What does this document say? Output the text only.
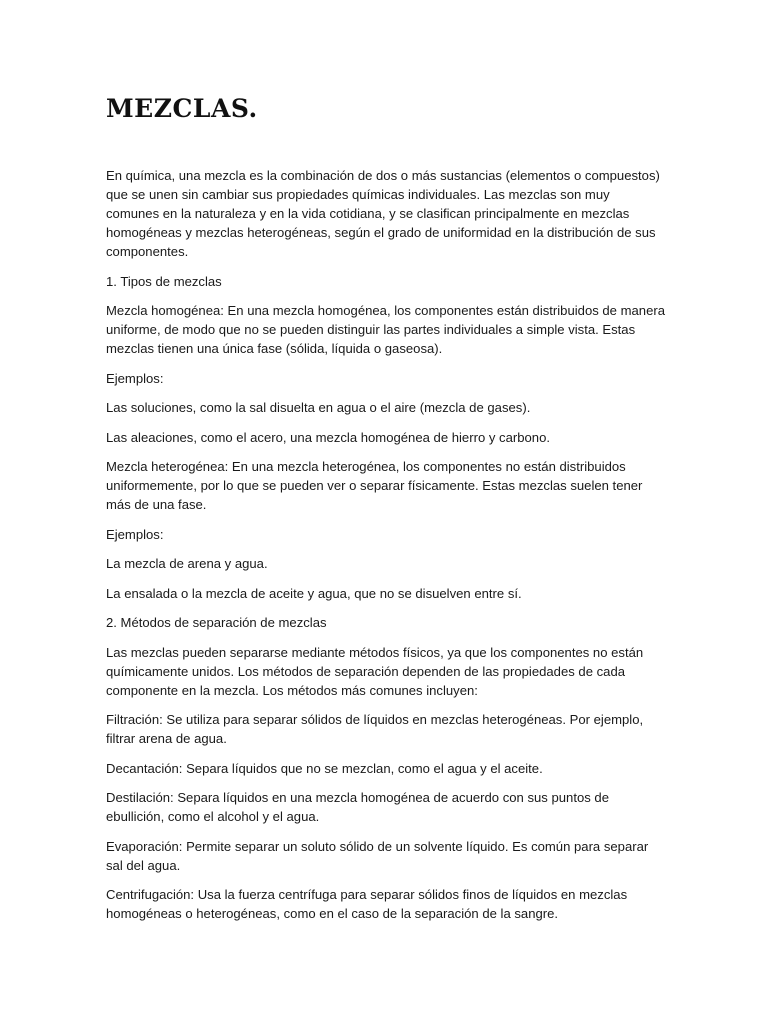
MEZCLAS.

En química, una mezcla es la combinación de dos o más sustancias (elementos o compuestos) que se unen sin cambiar sus propiedades químicas individuales. Las mezclas son muy comunes en la naturaleza y en la vida cotidiana, y se clasifican principalmente en mezclas homogéneas y mezclas heterogéneas, según el grado de uniformidad en la distribución de sus componentes.

1. Tipos de mezclas

Mezcla homogénea: En una mezcla homogénea, los componentes están distribuidos de manera uniforme, de modo que no se pueden distinguir las partes individuales a simple vista. Estas mezclas tienen una única fase (sólida, líquida o gaseosa).

Ejemplos:

Las soluciones, como la sal disuelta en agua o el aire (mezcla de gases).

Las aleaciones, como el acero, una mezcla homogénea de hierro y carbono.

Mezcla heterogénea: En una mezcla heterogénea, los componentes no están distribuidos uniformemente, por lo que se pueden ver o separar físicamente. Estas mezclas suelen tener más de una fase.

Ejemplos:

La mezcla de arena y agua.

La ensalada o la mezcla de aceite y agua, que no se disuelven entre sí.

2. Métodos de separación de mezclas

Las mezclas pueden separarse mediante métodos físicos, ya que los componentes no están químicamente unidos. Los métodos de separación dependen de las propiedades de cada componente en la mezcla. Los métodos más comunes incluyen:

Filtración: Se utiliza para separar sólidos de líquidos en mezclas heterogéneas. Por ejemplo, filtrar arena de agua.

Decantación: Separa líquidos que no se mezclan, como el agua y el aceite.

Destilación: Separa líquidos en una mezcla homogénea de acuerdo con sus puntos de ebullición, como el alcohol y el agua.

Evaporación: Permite separar un soluto sólido de un solvente líquido. Es común para separar sal del agua.

Centrifugación: Usa la fuerza centrífuga para separar sólidos finos de líquidos en mezclas homogéneas o heterogéneas, como en el caso de la separación de la sangre.
